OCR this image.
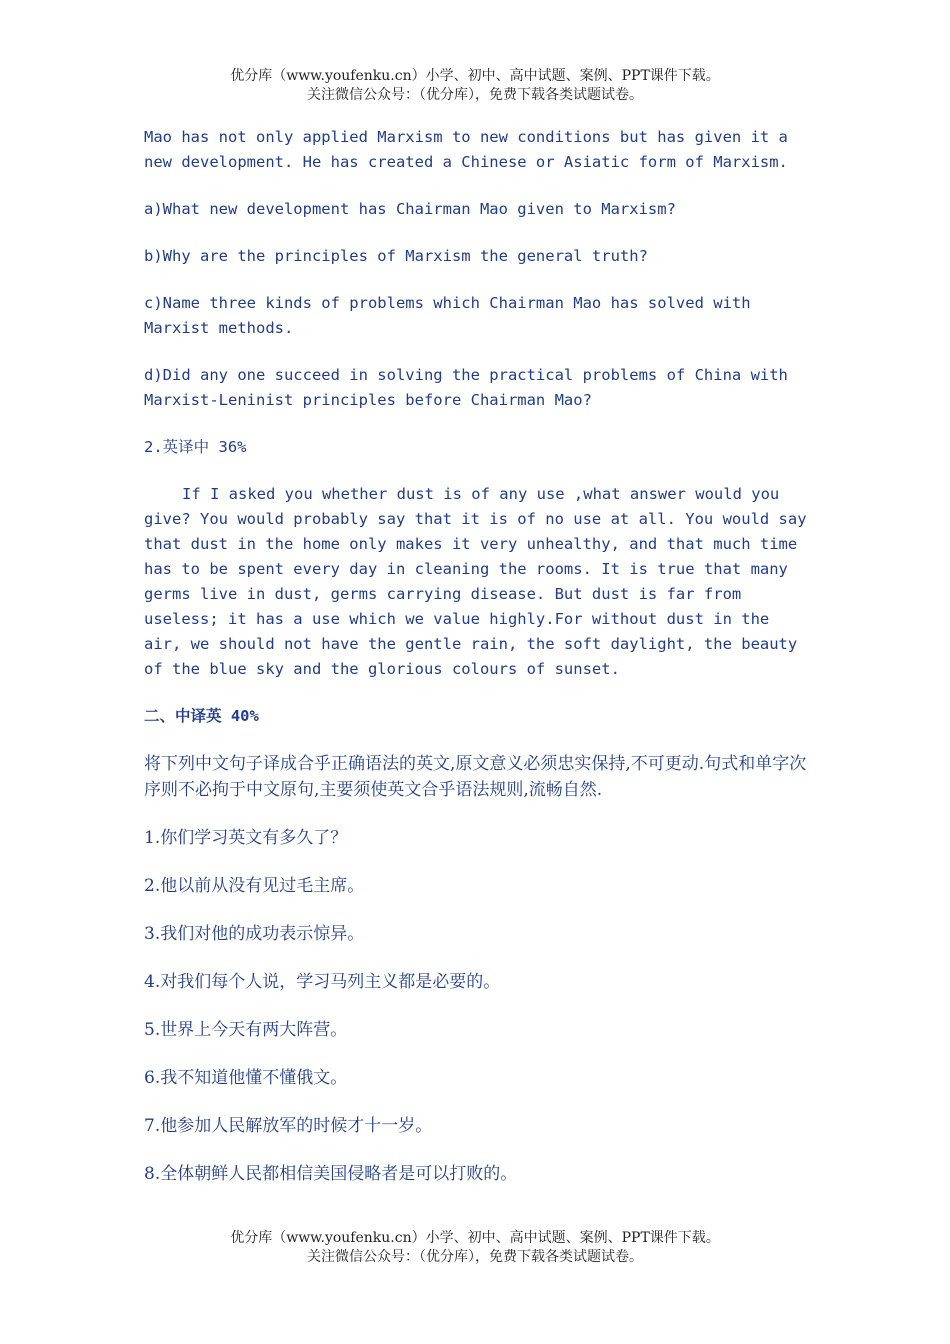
优分库（www.youfenku.cn）小学、初中、高中试题、案例、PPT课件下载。
关注微信公众号：（优分库），免费下载各类试题试卷。

Mao has not only applied Marxism to new conditions but has given it a new development. He has created a Chinese or Asiatic form of Marxism.

a)What new development has Chairman Mao given to Marxism?

b)Why are the principles of Marxism the general truth?

c)Name three kinds of problems which Chairman Mao has solved with Marxist methods.

d)Did any one succeed in solving the practical problems of China with Marxist-Leninist principles before Chairman Mao?

2.英译中 36%

If I asked you whether dust is of any use ,what answer would you give? You would probably say that it is of no use at all. You would say that dust in the home only makes it very unhealthy, and that much time has to be spent every day in cleaning the rooms. It is true that many germs live in dust, germs carrying disease. But dust is far from useless; it has a use which we value highly.For without dust in the air, we should not have the gentle rain, the soft daylight, the beauty of the blue sky and the glorious colours of sunset.

二、中译英 40%

将下列中文句子译成合乎正确语法的英文,原文意义必须忠实保持,不可更动.句式和单字次序则不必拘于中文原句,主要须使英文合乎语法规则,流畅自然.

1.你们学习英文有多久了？

2.他以前从没有见过毛主席。

3.我们对他的成功表示惊异。

4.对我们每个人说，学习马列主义都是必要的。

5.世界上今天有两大阵营。

6.我不知道他懂不懂俄文。

7.他参加人民解放军的时候才十一岁。

8.全体朝鲜人民都相信美国侵略者是可以打败的。

优分库（www.youfenku.cn）小学、初中、高中试题、案例、PPT课件下载。
关注微信公众号：（优分库），免费下载各类试题试卷。
